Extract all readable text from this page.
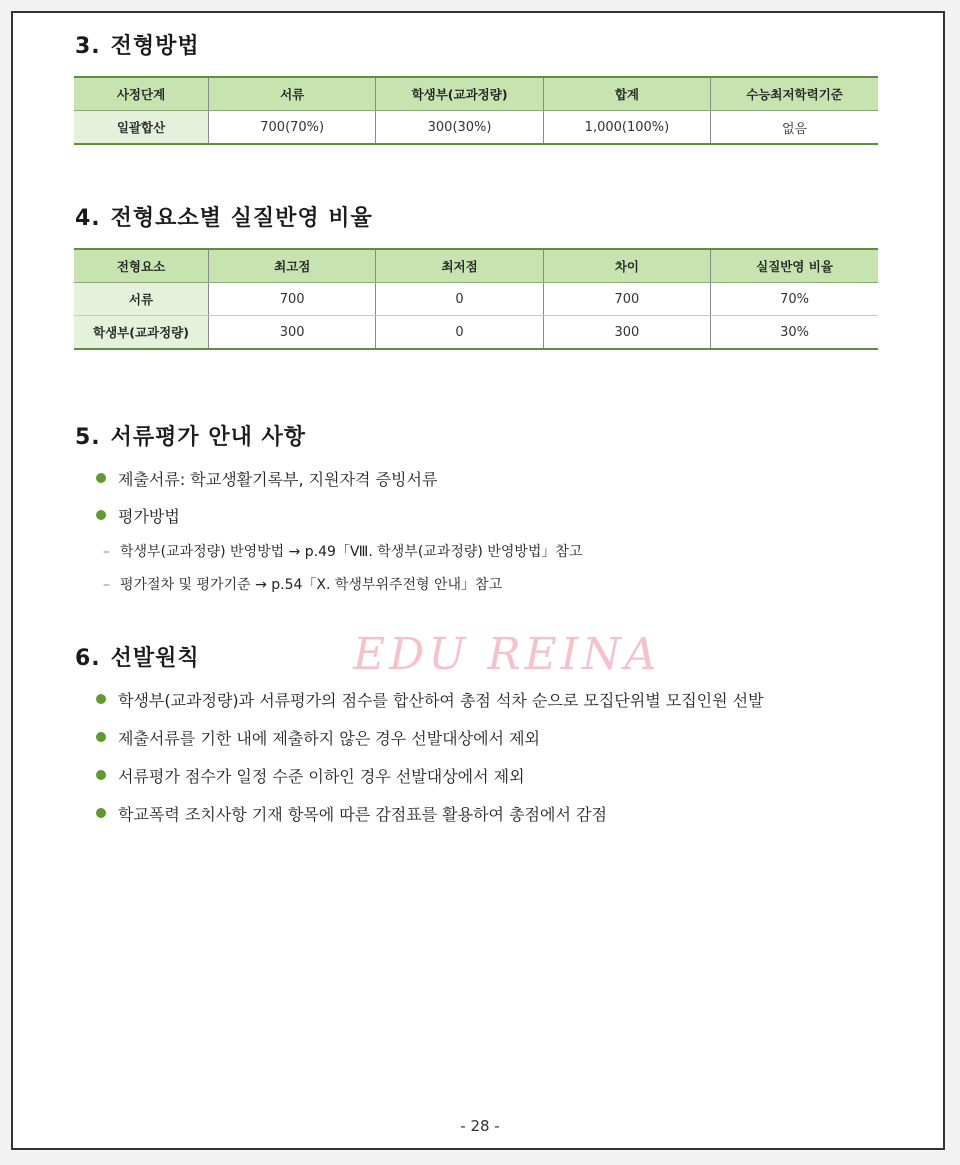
3. 전형방법
사정단계	서류	학생부(교과정량)	합계	수능최저학력기준
일괄합산	700(70%)	300(30%)	1,000(100%)	없음
4. 전형요소별 실질반영 비율
전형요소	최고점	최저점	차이	실질반영 비율
서류	700	0	700	70%
학생부(교과정량)	300	0	300	30%
5. 서류평가 안내 사항
제출서류: 학교생활기록부, 지원자격 증빙서류
평가방법
– 학생부(교과정량) 반영방법 → p.49「Ⅷ. 학생부(교과정량) 반영방법」참고
– 평가절차 및 평가기준 → p.54「Ⅹ. 학생부위주전형 안내」참고
6. 선발원칙	EDU REINA
학생부(교과정량)과 서류평가의 점수를 합산하여 총점 석차 순으로 모집단위별 모집인원 선발
제출서류를 기한 내에 제출하지 않은 경우 선발대상에서 제외
서류평가 점수가 일정 수준 이하인 경우 선발대상에서 제외
학교폭력 조치사항 기재 항목에 따른 감점표를 활용하여 총점에서 감점
- 28 -
